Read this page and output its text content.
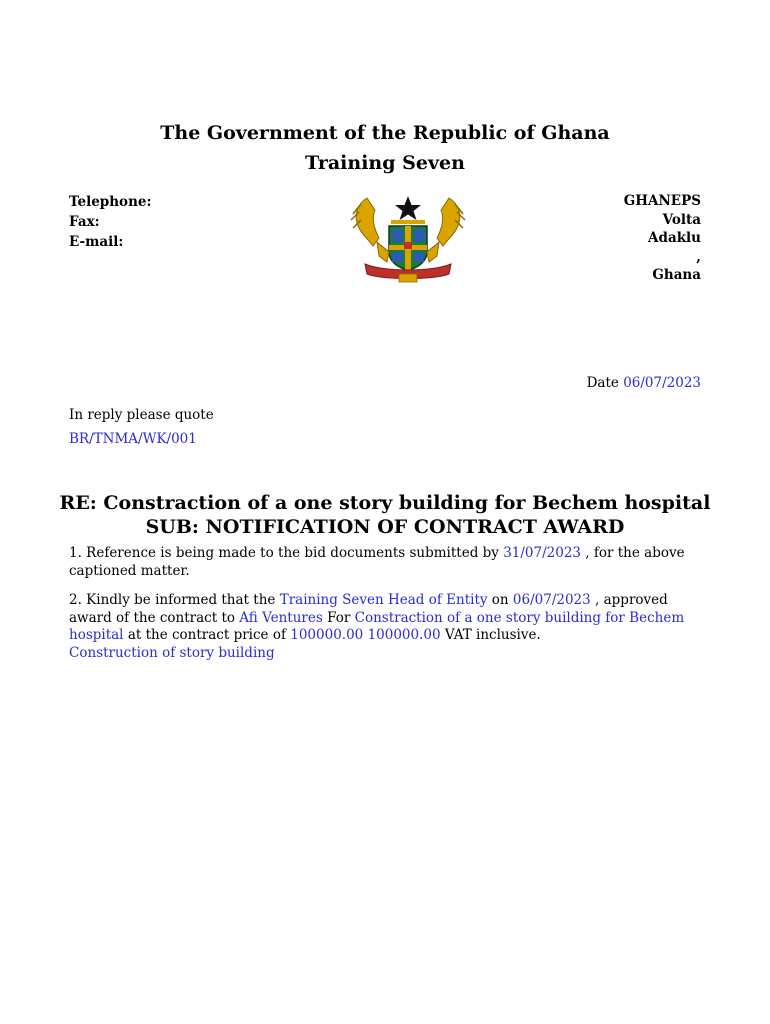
The Government of the Republic of Ghana
Training Seven
Telephone:
Fax:
E-mail:
GHANEPS
Volta
Adaklu
,
Ghana
Date 06/07/2023
In reply please quote
BR/TNMA/WK/001
RE: Constraction of a one story building for Bechem hospital
SUB: NOTIFICATION OF CONTRACT AWARD

1. Reference is being made to the bid documents submitted by 31/07/2023 , for the above captioned matter.

2. Kindly be informed that the Training Seven Head of Entity on 06/07/2023 , approved award of the contract to Afi Ventures For Constraction of a one story building for Bechem hospital at the contract price of 100000.00 100000.00 VAT inclusive.
Construction of story building
